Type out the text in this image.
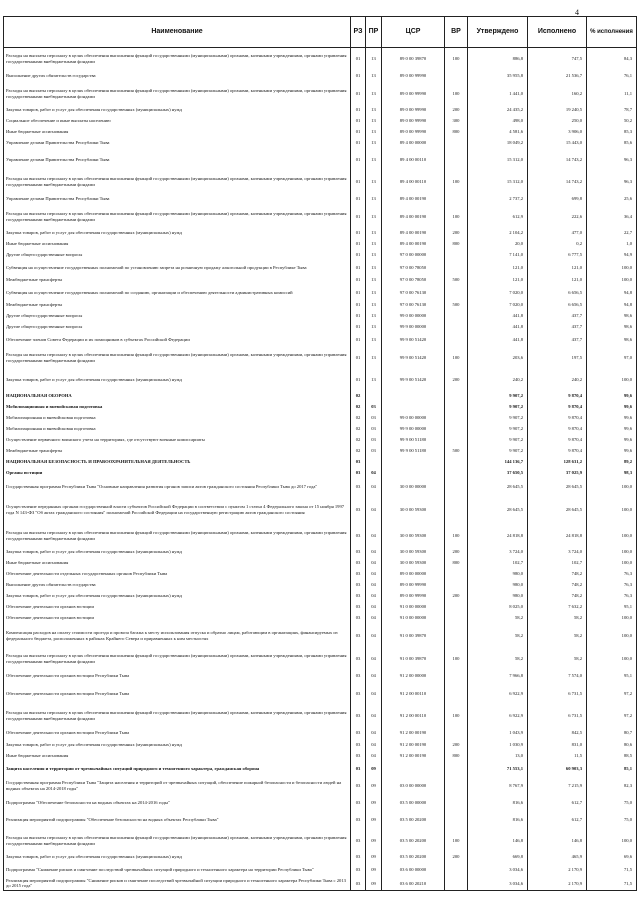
4
Наименование	РЗ	ПР	ЦСР	ВР	Утверждено	Исполнено	% исполнения
Расходы на выплаты персоналу в целях обеспечения выполнения функций государственными (муниципальными) органами, казенными учреждениями, органами управления государственными внебюджетными фондами	01	13	89 0 00 39870	100	886,8	747,5	84,3
Выполнение других обязательств государства	01	13	89 0 00 99990		35 955,8	21 536,7	76,1
Расходы на выплаты персоналу в целях обеспечения выполнения функций государственными (муниципальными) органами, казенными учреждениями, органами управления государственными внебюджетными фондами	01	13	89 0 00 99990	100	1 441,0	160,2	11,1
Закупка товаров, работ и услуг для обеспечения государственных (муниципальных) нужд	01	13	89 0 00 99990	200	24 435,2	19 240,5	78,7
Социальное обеспечение и иные выплаты населению	01	13	89 0 00 99990	300	498,0	250,0	50,2
Иные бюджетные ассигнования	01	13	89 0 00 99990	800	4 581,6	3 906,0	85,3
Управление делами Правительства Республики Тыва	01	13	89 4 00 00000		18 049,2	15 443,0	85,6
Управление делами Правительства Республики Тыва	01	13	89 4 00 00110		15 312,0	14 743,2	96,3
Расходы на выплаты персоналу в целях обеспечения выполнения функций государственными (муниципальными) органами, казенными учреждениями, органами управления государственными внебюджетными фондами	01	13	89 4 00 00110	100	15 312,0	14 743,2	96,3
Управление делами Правительства Республики Тыва	01	13	89 4 00 00190		2 737,2	699,8	25,6
Расходы на выплаты персоналу в целях обеспечения выполнения функций государственными (муниципальными) органами, казенными учреждениями, органами управления государственными внебюджетными фондами	01	13	89 4 00 00190	100	612,9	222,6	36,4
Закупка товаров, работ и услуг для обеспечения государственных (муниципальных) нужд	01	13	89 4 00 00190	200	2 104,2	477,0	22,7
Иные бюджетные ассигнования	01	13	89 4 00 00190	800	20,0	0,2	1,0
Другие общегосударственные вопросы	01	13	97 0 00 00000		7 141,0	6 777,5	94,9
Субвенция на осуществление государственных полномочий по установлению запрета на розничную продажу алкогольной продукции в Республике Тыва	01	13	97 0 00 78050		121,0	121,0	100,0
Межбюджетные трансферты	01	13	97 0 00 78050	500	121,0	121,0	100,0
Субвенция на осуществление государственных полномочий по созданию, организации и обеспечению деятельности административных комиссий	01	13	97 0 00 76130		7 020,0	6 656,5	94,8
Межбюджетные трансферты	01	13	97 0 00 76130	500	7 020,0	6 656,5	94,8
Другие общегосударственные вопросы	01	13	99 0 00 00000		441,8	437,7	98,6
Другие общегосударственные вопросы	01	13	99 9 00 00000		441,8	437,7	98,6
Обеспечение членов Совета Федерации и их помощников в субъектах Российской Федерации	01	13	99 9 00 51420		441,8	437,7	98,6
Расходы на выплаты персоналу в целях обеспечения выполнения функций государственными (муниципальными) органами, казенными учреждениями, органами управления государственными внебюджетными фондами	01	13	99 9 00 51420	100	203,6	197,5	97,0
Закупка товаров, работ и услуг для обеспечения государственных (муниципальных) нужд	01	13	99 9 00 51420	200	240,2	240,2	100,0
НАЦИОНАЛЬНАЯ ОБОРОНА	02				9 907,2	9 870,4	99,6
Мобилизационная и вневойсковая подготовка	02	03			9 907,2	9 870,4	99,6
Мобилизационная и вневойсковая подготовка	02	03	99 0 00 00000		9 907,2	9 870,4	99,6
Мобилизационная и вневойсковая подготовка	02	03	99 9 00 00000		9 907,2	9 870,4	99,6
Осуществление первичного воинского учета на территориях, где отсутствуют военные комиссариаты	02	03	99 9 00 51180		9 907,2	9 870,4	99,6
Межбюджетные трансферты	02	03	99 9 00 51180	500	9 907,2	9 870,4	99,6
НАЦИОНАЛЬНАЯ БЕЗОПАСНОСТЬ И ПРАВООХРАНИТЕЛЬНАЯ ДЕЯТЕЛЬНОСТЬ	03				144 136,7	128 631,2	89,2
Органы юстиции	03	04			37 650,5	37 025,9	98,3
Государственная программа Республики Тыва "Основные направления развития органов записи актов гражданского состояния Республики Тыва до 2017 года"	03	04	30 0 00 00000		28 645,5	28 645,5	100,0
Осуществление переданных органам государственной власти субъектов Российской Федерации в соответствии с пунктом 1 статьи 4 Федерального закона от 15 ноября 1997 года N 143-ФЗ "Об актах гражданского состояния" полномочий Российской Федерации на государственную регистрацию актов гражданского состояния	03	04	30 0 00 59300		28 645,5	28 645,5	100,0
Расходы на выплаты персоналу в целях обеспечения выполнения функций государственными (муниципальными) органами, казенными учреждениями, органами управления государственными внебюджетными фондами	03	04	30 0 00 59300	100	24 818,8	24 818,8	100,0
Закупка товаров, работ и услуг для обеспечения государственных (муниципальных) нужд	03	04	30 0 00 59300	200	3 724,0	3 724,0	100,0
Иные бюджетные ассигнования	03	04	30 0 00 59300	800	102,7	102,7	100,0
Обеспечение деятельности отдельных государственных органов Республики Тыва	03	04	89 0 00 00000		980,0	748,2	76,3
Выполнение других обязательств государства	03	04	89 0 00 99990		980,0	748,2	76,3
Закупка товаров, работ и услуг для обеспечения государственных (муниципальных) нужд	03	04	89 0 00 99990	200	980,0	748,2	76,3
Обеспечение деятельности органов юстиции	03	04	91 0 00 00000		8 025,0	7 632,2	95,1
Обеспечение деятельности органов юстиции	03	04	91 0 00 00000		58,2	58,2	100,0
Компенсация расходов на оплату стоимости проезда и провоза багажа к месту использования отпуска и обратно лицам, работающим в организациях, финансируемых из федерального бюджета, расположенных в районах Крайнего Севера и приравненных к ним местностях	03	04	91 0 00 39870		58,2	58,2	100,0
Расходы на выплаты персоналу в целях обеспечения выполнения функций государственными (муниципальными) органами, казенными учреждениями, органами управления государственными внебюджетными фондами	03	04	91 0 00 39870	100	58,2	58,2	100,0
Обеспечение деятельности органов юстиции Республики Тыва	03	04	91 2 00 00000		7 966,8	7 574,0	95,1
Обеспечение деятельности органов юстиции Республики Тыва	03	04	91 2 00 00110		6 922,9	6 731,5	97,2
Расходы на выплаты персоналу в целях обеспечения выполнения функций государственными (муниципальными) органами, казенными учреждениями, органами управления государственными внебюджетными фондами	03	04	91 2 00 00110	100	6 922,9	6 731,5	97,2
Обеспечение деятельности органов юстиции Республики Тыва	03	04	91 2 00 00190		1 043,9	842,5	80,7
Закупка товаров, работ и услуг для обеспечения государственных (муниципальных) нужд	03	04	91 2 00 00190	200	1 030,9	831,0	80,6
Иные бюджетные ассигнования	03	04	91 2 00 00190	800	13,0	11,5	88,5
Защита населения и территории от чрезвычайных ситуаций природного и техногенного характера, гражданская оборона	03	09			71 553,1	60 903,3	85,1
Государственная программа Республики Тыва "Защита населения и территорий от чрезвычайных ситуаций, обеспечение пожарной безопасности и безопасности людей на водных объектах на 2014-2018 годы"	03	09	03 0 00 00000		8 767,9	7 215,9	82,3
Подпрограмма "Обеспечение безопасности на водных объектах на 2014-2016 годы"	03	09	03 5 00 00000		816,6	612,7	75,0
Реализация мероприятий подпрограммы "Обеспечение безопасности на водных объектах Республики Тыва"	03	09	03 5 00 20200		816,6	612,7	75,0
Расходы на выплаты персоналу в целях обеспечения выполнения функций государственными (муниципальными) органами, казенными учреждениями, органами управления государственными внебюджетными фондами	03	09	03 5 00 20200	100	146,8	146,8	100,0
Закупка товаров, работ и услуг для обеспечения государственных (муниципальных) нужд	03	09	03 5 00 20200	200	669,8	465,9	69,6
Подпрограмма "Снижение рисков и смягчение последствий чрезвычайных ситуаций природного и техногенного характера на территории Республики Тыва"	03	09	03 6 00 00000		3 034,6	2 170,9	71,5
Реализация мероприятий подпрограммы "Снижение рисков и смягчение последствий чрезвычайной ситуации природного и техногенного характера Республики Тыва с 2013 до 2015 года"	03	09	03 6 00 20210		3 034,6	2 170,9	71,5
